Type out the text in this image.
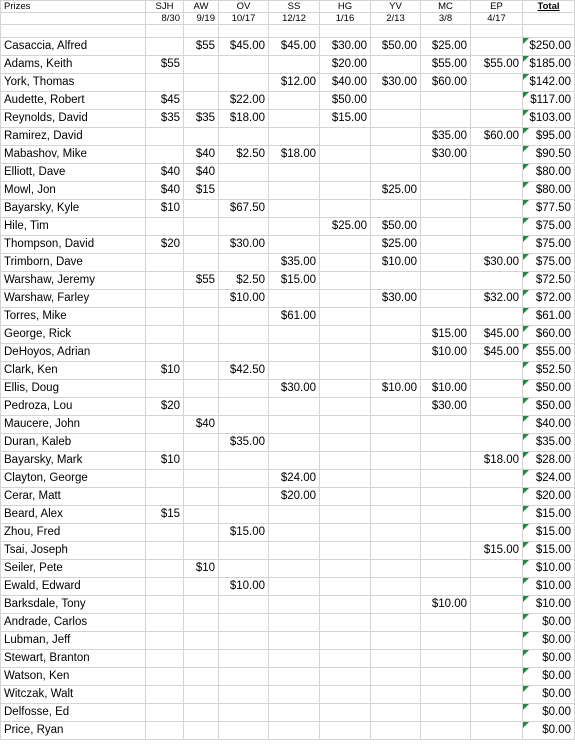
Prizes	SJH	AW	OV	SS	HG	YV	MC	EP	Total
	8/30	9/19	10/17	12/12	1/16	2/13	3/8	4/17	

Casaccia, Alfred		$55	$45.00	$45.00	$30.00	$50.00	$25.00		$250.00
Adams, Keith	$55				$20.00		$55.00	$55.00	$185.00
York, Thomas				$12.00	$40.00	$30.00	$60.00		$142.00
Audette, Robert	$45		$22.00		$50.00				$117.00
Reynolds, David	$35	$35	$18.00		$15.00				$103.00
Ramirez, David							$35.00	$60.00	$95.00
Mabashov, Mike		$40	$2.50	$18.00			$30.00		$90.50
Elliott, Dave	$40	$40							$80.00
Mowl, Jon	$40	$15				$25.00			$80.00
Bayarsky, Kyle	$10		$67.50						$77.50
Hile, Tim					$25.00	$50.00			$75.00
Thompson, David	$20		$30.00			$25.00			$75.00
Trimborn, Dave				$35.00		$10.00		$30.00	$75.00
Warshaw, Jeremy		$55	$2.50	$15.00					$72.50
Warshaw, Farley			$10.00			$30.00		$32.00	$72.00
Torres, Mike				$61.00					$61.00
George, Rick							$15.00	$45.00	$60.00
DeHoyos, Adrian							$10.00	$45.00	$55.00
Clark, Ken	$10		$42.50						$52.50
Ellis, Doug				$30.00		$10.00	$10.00		$50.00
Pedroza, Lou	$20						$30.00		$50.00
Maucere, John		$40							$40.00
Duran, Kaleb			$35.00						$35.00
Bayarsky, Mark	$10							$18.00	$28.00
Clayton, George				$24.00					$24.00
Cerar, Matt				$20.00					$20.00
Beard, Alex	$15								$15.00
Zhou, Fred			$15.00						$15.00
Tsai, Joseph								$15.00	$15.00
Seiler, Pete		$10							$10.00
Ewald, Edward			$10.00						$10.00
Barksdale, Tony							$10.00		$10.00
Andrade, Carlos									$0.00
Lubman, Jeff									$0.00
Stewart, Branton									$0.00
Watson, Ken									$0.00
Witczak, Walt									$0.00
Delfosse, Ed									$0.00
Price, Ryan									$0.00
